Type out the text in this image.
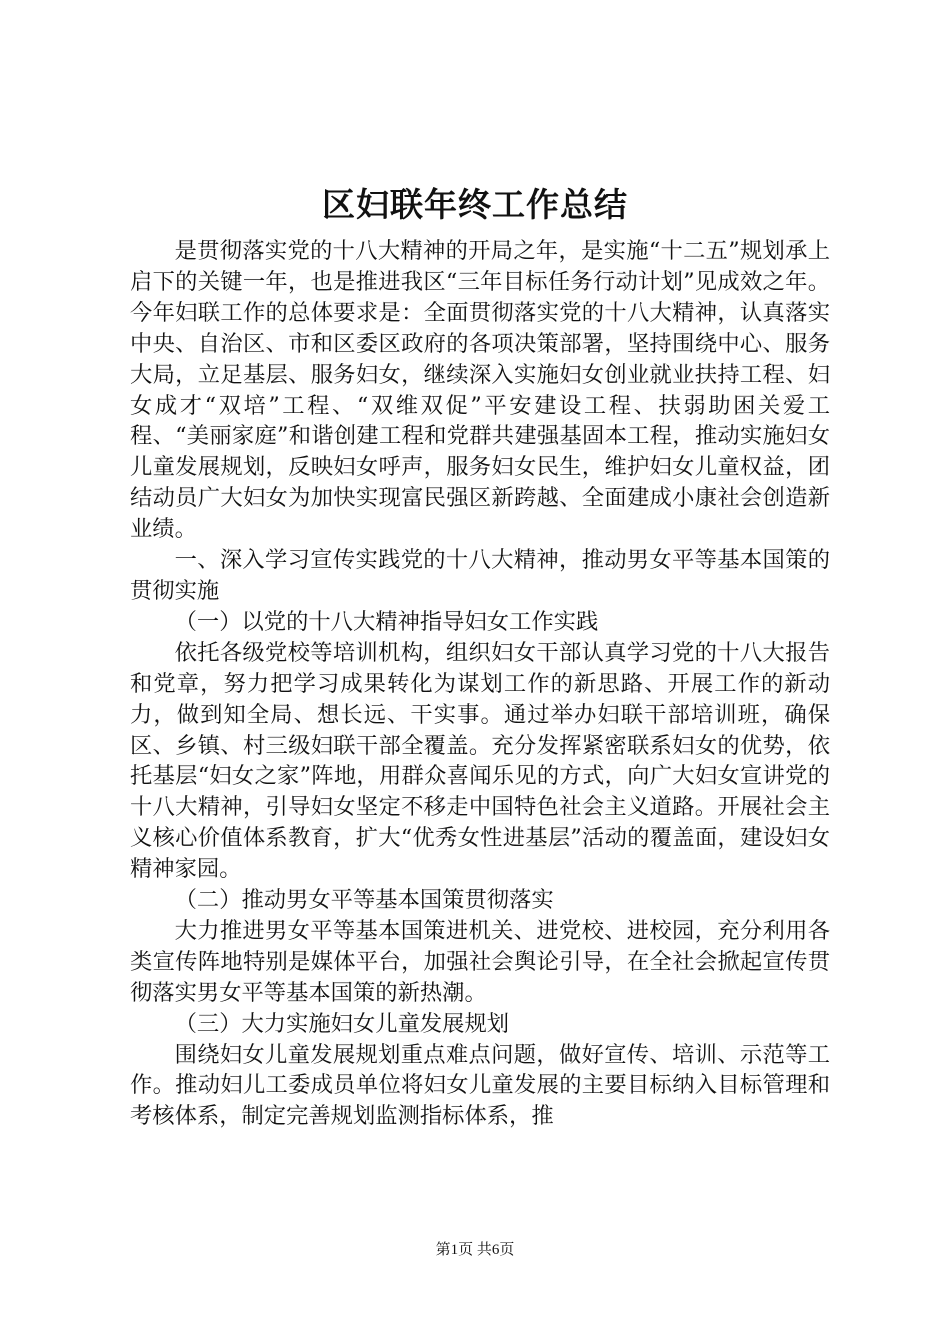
区妇联年终工作总结

是贯彻落实党的十八大精神的开局之年，是实施“十二五”规划承上启下的关键一年，也是推进我区“三年目标任务行动计划”见成效之年。今年妇联工作的总体要求是：全面贯彻落实党的十八大精神，认真落实中央、自治区、市和区委区政府的各项决策部署，坚持围绕中心、服务大局，立足基层、服务妇女，继续深入实施妇女创业就业扶持工程、妇女成才“双培”工程、“双维双促”平安建设工程、扶弱助困关爱工程、“美丽家庭”和谐创建工程和党群共建强基固本工程，推动实施妇女儿童发展规划，反映妇女呼声，服务妇女民生，维护妇女儿童权益，团结动员广大妇女为加快实现富民强区新跨越、全面建成小康社会创造新业绩。

一、深入学习宣传实践党的十八大精神，推动男女平等基本国策的贯彻实施

（一）以党的十八大精神指导妇女工作实践

依托各级党校等培训机构，组织妇女干部认真学习党的十八大报告和党章，努力把学习成果转化为谋划工作的新思路、开展工作的新动力，做到知全局、想长远、干实事。通过举办妇联干部培训班，确保区、乡镇、村三级妇联干部全覆盖。充分发挥紧密联系妇女的优势，依托基层“妇女之家”阵地，用群众喜闻乐见的方式，向广大妇女宣讲党的十八大精神，引导妇女坚定不移走中国特色社会主义道路。开展社会主义核心价值体系教育，扩大“优秀女性进基层”活动的覆盖面，建设妇女精神家园。

（二）推动男女平等基本国策贯彻落实

大力推进男女平等基本国策进机关、进党校、进校园，充分利用各类宣传阵地特别是媒体平台，加强社会舆论引导，在全社会掀起宣传贯彻落实男女平等基本国策的新热潮。

（三）大力实施妇女儿童发展规划

围绕妇女儿童发展规划重点难点问题，做好宣传、培训、示范等工作。推动妇儿工委成员单位将妇女儿童发展的主要目标纳入目标管理和考核体系，制定完善规划监测指标体系，推

第1页 共6页
